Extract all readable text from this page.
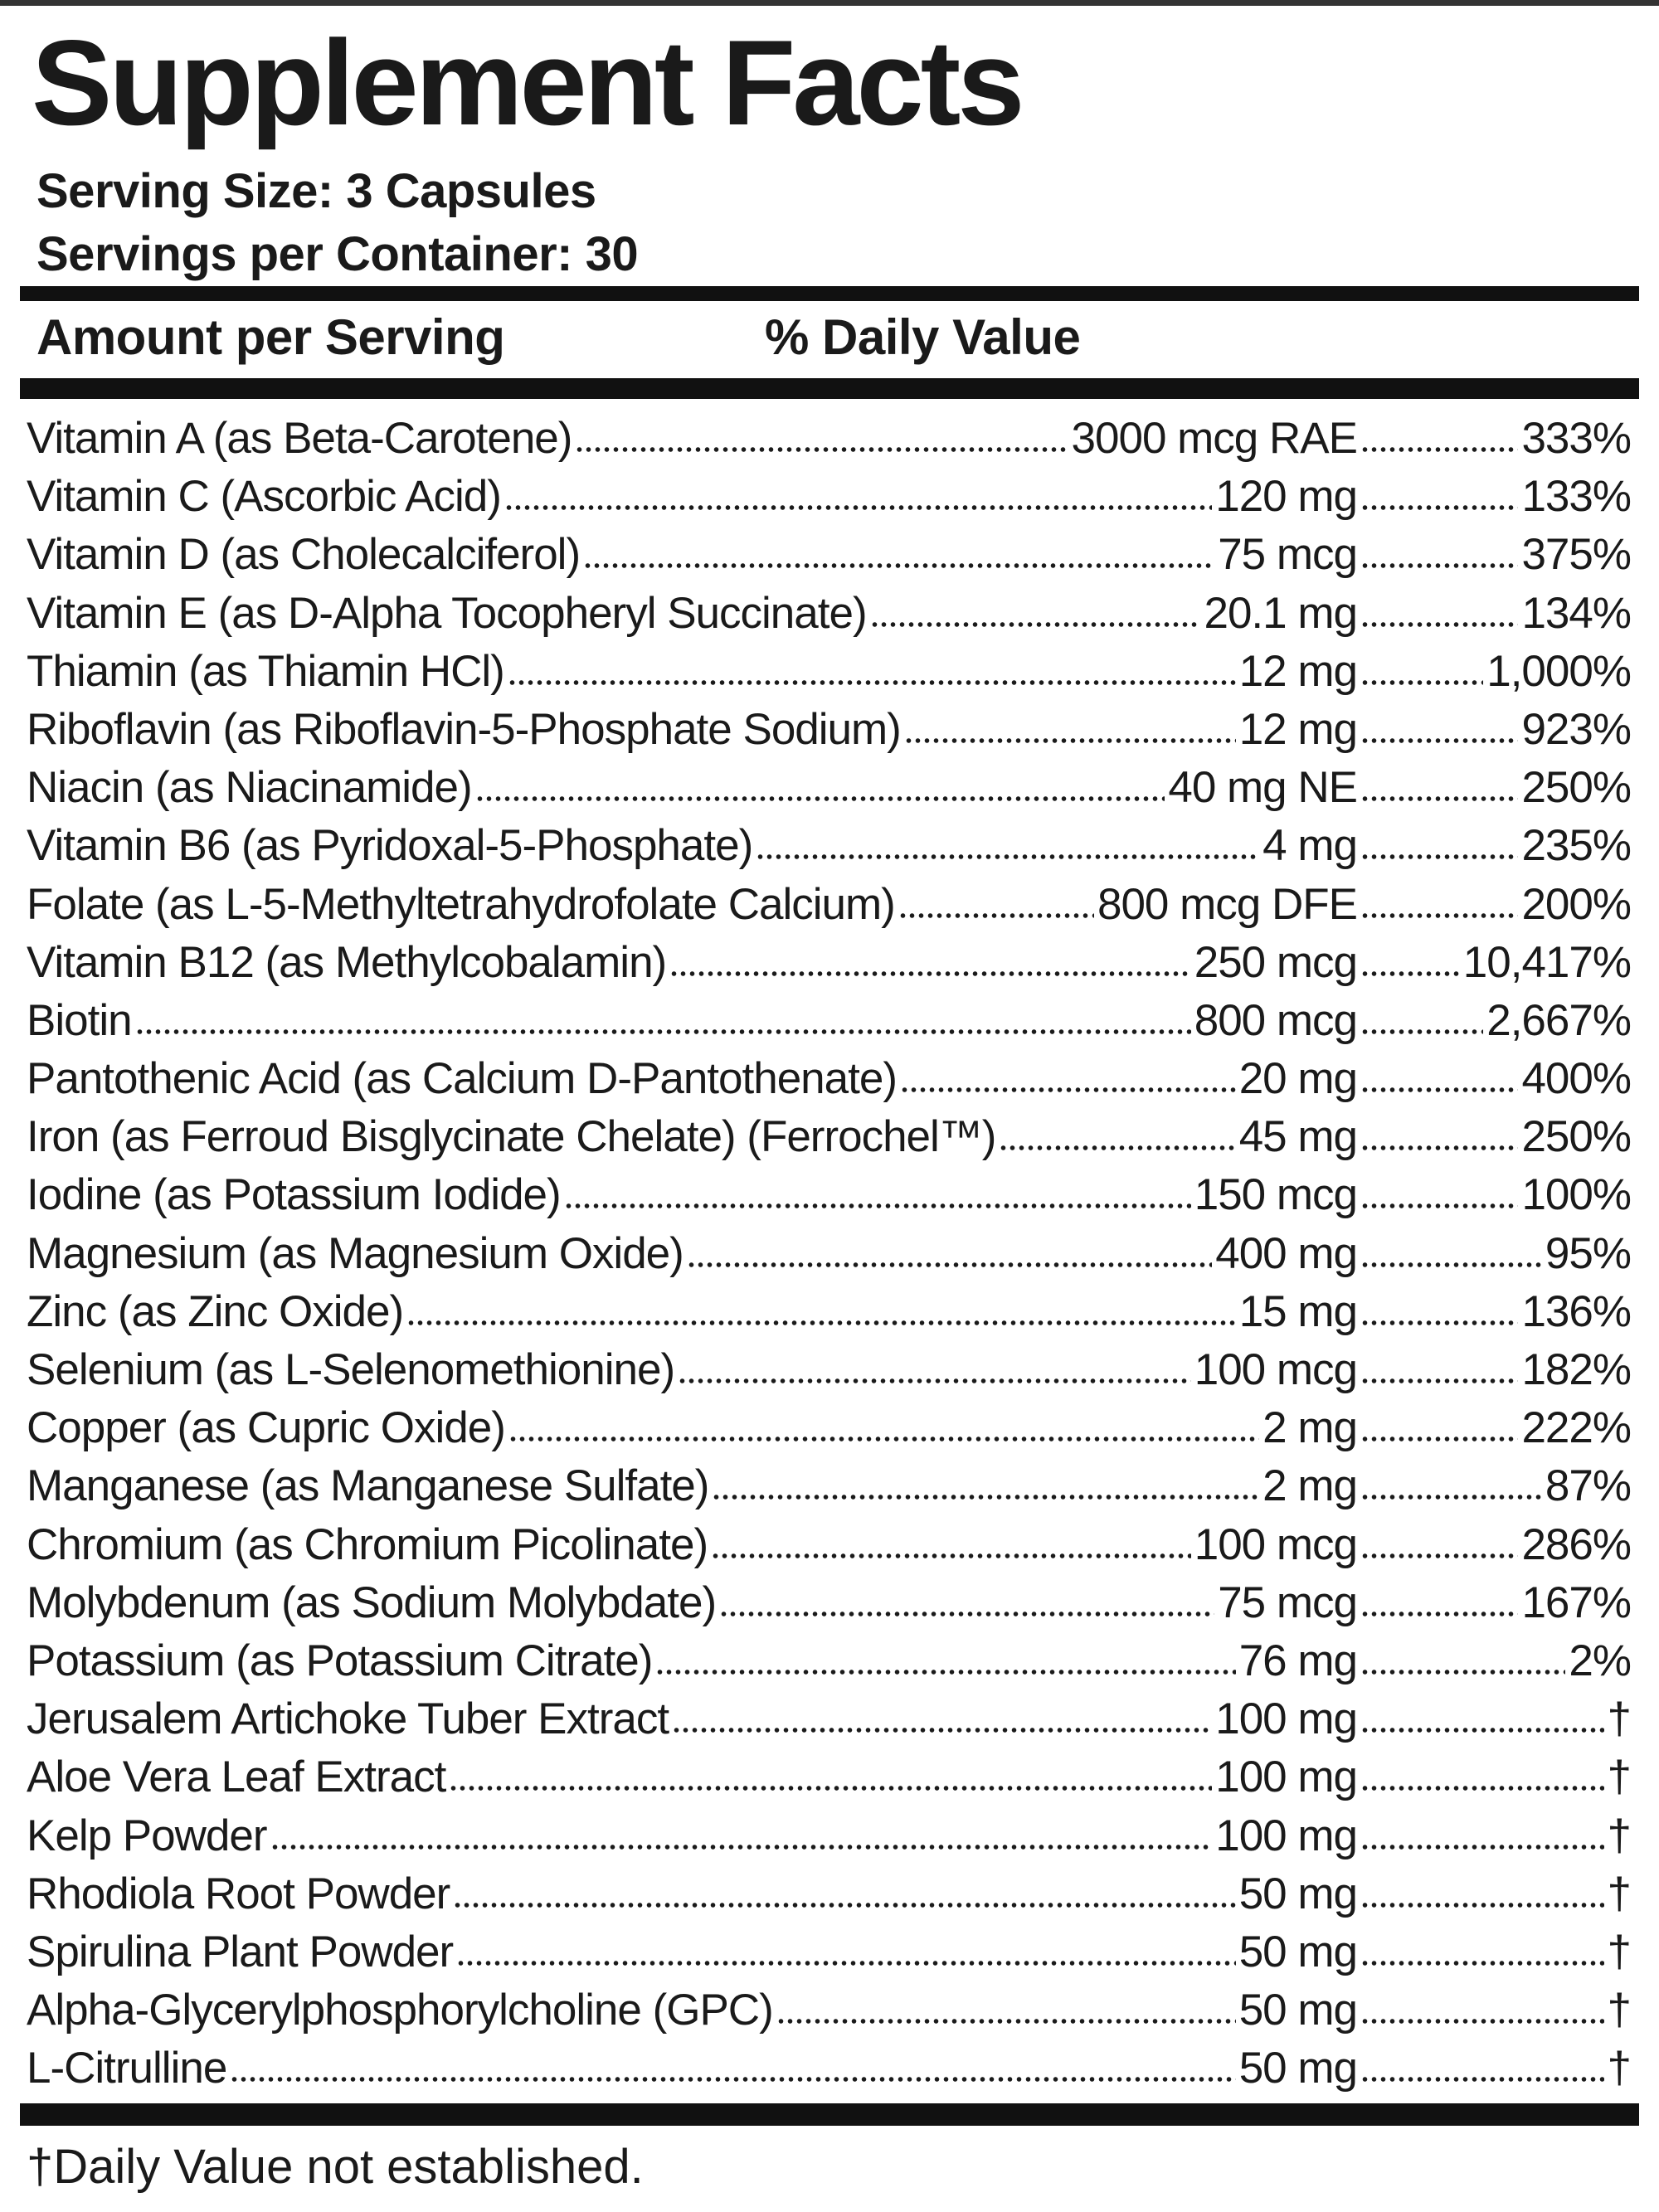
Supplement Facts
Serving Size: 3 Capsules
Servings per Container: 30
Amount per Serving	% Daily Value
Vitamin A (as Beta-Carotene)	3000 mcg RAE	333%
Vitamin C (Ascorbic Acid)	120 mg	133%
Vitamin D (as Cholecalciferol)	75 mcg	375%
Vitamin E (as D-Alpha Tocopheryl Succinate)	20.1 mg	134%
Thiamin (as Thiamin HCl)	12 mg	1,000%
Riboflavin (as Riboflavin-5-Phosphate Sodium)	12 mg	923%
Niacin (as Niacinamide)	40 mg NE	250%
Vitamin B6 (as Pyridoxal-5-Phosphate)	4 mg	235%
Folate (as L-5-Methyltetrahydrofolate Calcium)	800 mcg DFE	200%
Vitamin B12 (as Methylcobalamin)	250 mcg 10,417%
Biotin	800 mcg	2,667%
Pantothenic Acid (as Calcium D-Pantothenate)	20 mg	400%
Iron (as Ferroud Bisglycinate Chelate) (Ferrochel™)	45 mg	250%
Iodine (as Potassium Iodide)	150 mcg	100%
Magnesium (as Magnesium Oxide)	400 mg	95%
Zinc (as Zinc Oxide)	15 mg	136%
Selenium (as L-Selenomethionine)	100 mcg	182%
Copper (as Cupric Oxide)	2 mg	222%
Manganese (as Manganese Sulfate)	2 mg	87%
Chromium (as Chromium Picolinate)	100 mcg	286%
Molybdenum (as Sodium Molybdate)	75 mcg	167%
Potassium (as Potassium Citrate)	76 mg	2%
Jerusalem Artichoke Tuber Extract	100 mg	†
Aloe Vera Leaf Extract	100 mg	†
Kelp Powder	100 mg	†
Rhodiola Root Powder	50 mg	†
Spirulina Plant Powder	50 mg	†
Alpha-Glycerylphosphorylcholine (GPC)	50 mg	†
L-Citrulline	50 mg	†
†Daily Value not established.
